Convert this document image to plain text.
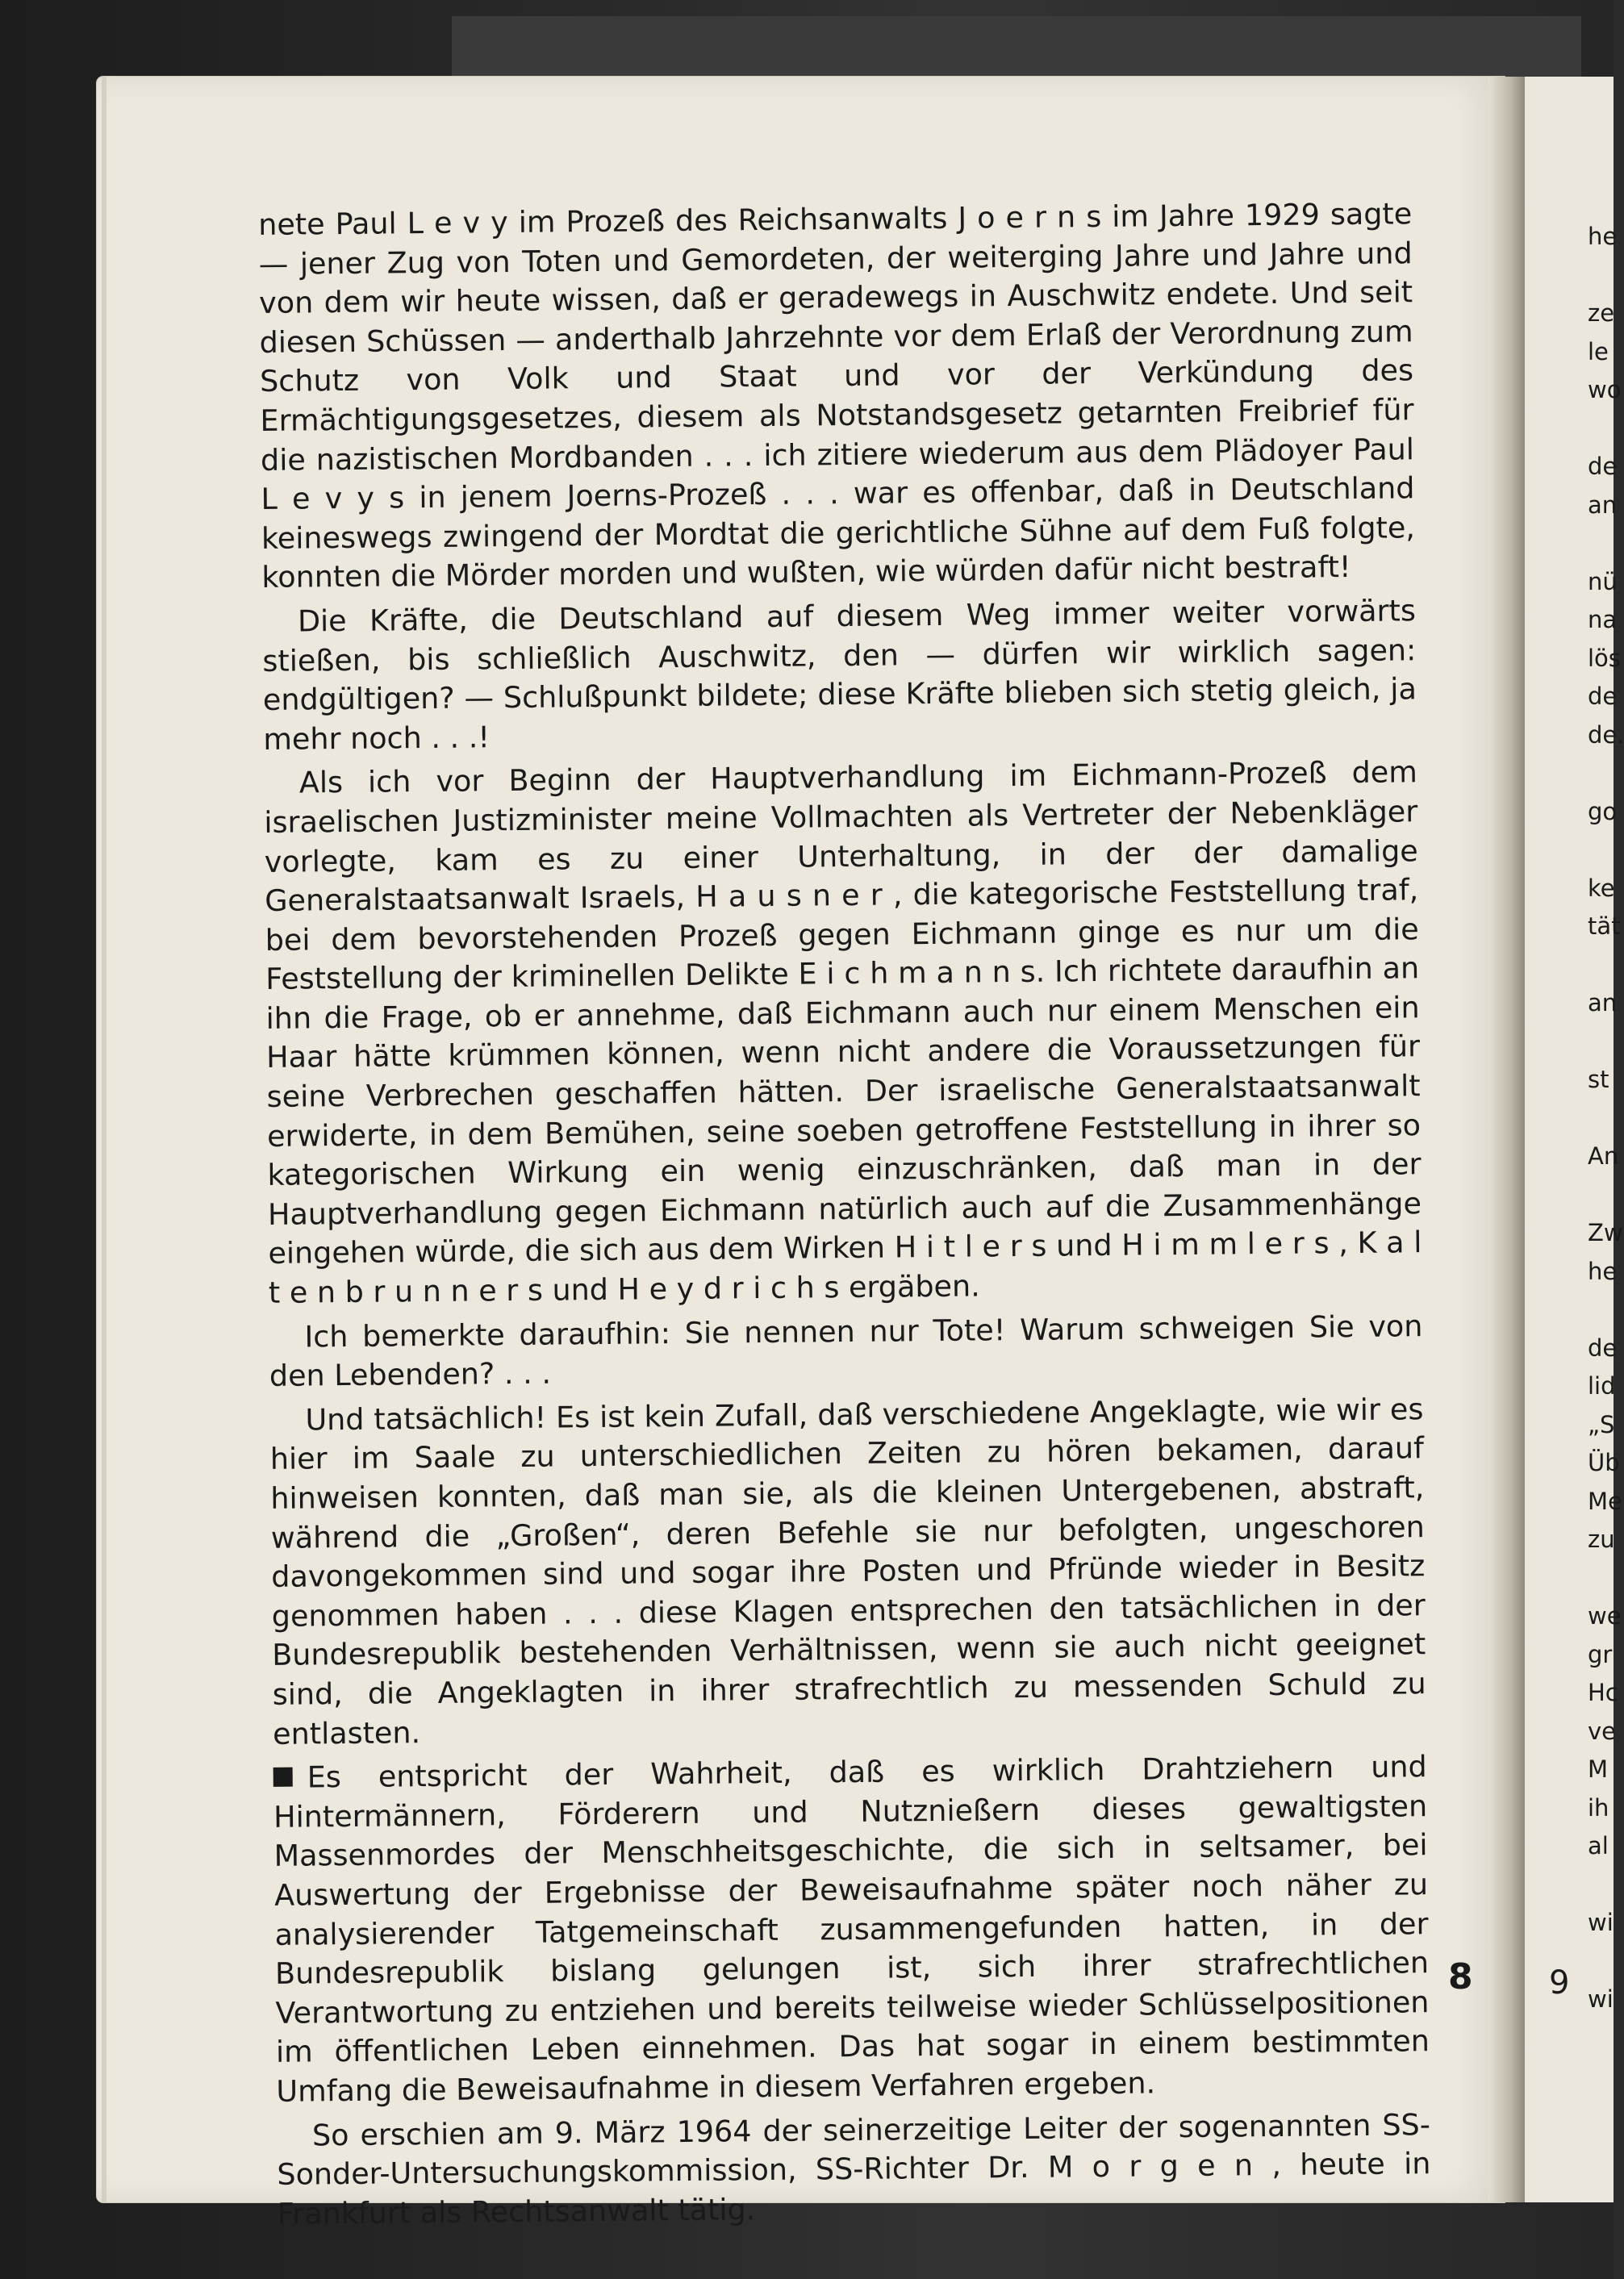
nete Paul L e v y im Prozeß des Reichsanwalts J o e r n s im Jahre 1929 sagte — jener Zug von Toten und Gemordeten, der weiterging Jahre und Jahre und von dem wir heute wissen, daß er geradewegs in Auschwitz endete. Und seit diesen Schüssen — anderthalb Jahrzehnte vor dem Erlaß der Verordnung zum Schutz von Volk und Staat und vor der Verkündung des Ermächtigungsgesetzes, diesem als Notstandsgesetz getarnten Freibrief für die nazistischen Mordbanden . . . ich zitiere wiederum aus dem Plädoyer Paul L e v y s in jenem Joerns-Prozeß . . . war es offenbar, daß in Deutschland keineswegs zwingend der Mordtat die gerichtliche Sühne auf dem Fuß folgte, konnten die Mörder morden und wußten, wie würden dafür nicht bestraft!

Die Kräfte, die Deutschland auf diesem Weg immer weiter vorwärts stießen, bis schließlich Auschwitz, den — dürfen wir wirklich sagen: endgültigen? — Schlußpunkt bildete; diese Kräfte blieben sich stetig gleich, ja mehr noch . . .!

Als ich vor Beginn der Hauptverhandlung im Eichmann-Prozeß dem israelischen Justizminister meine Vollmachten als Vertreter der Nebenkläger vorlegte, kam es zu einer Unterhaltung, in der der damalige Generalstaatsanwalt Israels, H a u s n e r , die kategorische Feststellung traf, bei dem bevorstehenden Prozeß gegen Eichmann ginge es nur um die Feststellung der kriminellen Delikte E i c h m a n n s. Ich richtete daraufhin an ihn die Frage, ob er annehme, daß Eichmann auch nur einem Menschen ein Haar hätte krümmen können, wenn nicht andere die Voraussetzungen für seine Verbrechen geschaffen hätten. Der israelische Generalstaatsanwalt erwiderte, in dem Bemühen, seine soeben getroffene Feststellung in ihrer so kategorischen Wirkung ein wenig einzuschränken, daß man in der Hauptverhandlung gegen Eichmann natürlich auch auf die Zusammenhänge eingehen würde, die sich aus dem Wirken H i t l e r s und H i m m l e r s , K a l t e n b r u n n e r s und H e y d r i c h s ergäben.

Ich bemerkte daraufhin: Sie nennen nur Tote! Warum schweigen Sie von den Lebenden? . . .

Und tatsächlich! Es ist kein Zufall, daß verschiedene Angeklagte, wie wir es hier im Saale zu unterschiedlichen Zeiten zu hören bekamen, darauf hinweisen konnten, daß man sie, als die kleinen Untergebenen, abstraft, während die „Großen“, deren Befehle sie nur befolgten, ungeschoren davongekommen sind und sogar ihre Posten und Pfründe wieder in Besitz genommen haben . . . diese Klagen entsprechen den tatsächlichen in der Bundesrepublik bestehenden Verhältnissen, wenn sie auch nicht geeignet sind, die Angeklagten in ihrer strafrechtlich zu messenden Schuld zu entlasten.

Es entspricht der Wahrheit, daß es wirklich Drahtziehern und Hintermännern, Förderern und Nutznießern dieses gewaltigsten Massenmordes der Menschheitsgeschichte, die sich in seltsamer, bei Auswertung der Ergebnisse der Beweisaufnahme später noch näher zu analysierender Tatgemeinschaft zusammengefunden hatten, in der Bundesrepublik bislang gelungen ist, sich ihrer strafrechtlichen Verantwortung zu entziehen und bereits teilweise wieder Schlüsselpositionen im öffentlichen Leben einnehmen. Das hat sogar in einem bestimmten Umfang die Beweisaufnahme in diesem Verfahren ergeben.

So erschien am 9. März 1964 der seinerzeitige Leiter der sogenannten SS-Sonder-Untersuchungskommission, SS-Richter Dr. M o r g e n , heute in Frankfurt als Rechtsanwalt tätig.

8 9
he
ze
le
wo
de
an
nü
na
lös
de
de.
go
ke
tät
an
st
An
Zw
he
de
lid
„S
Üb
Me
zu
we
gr
Hc
ve
M
ih
al
wi
wi
